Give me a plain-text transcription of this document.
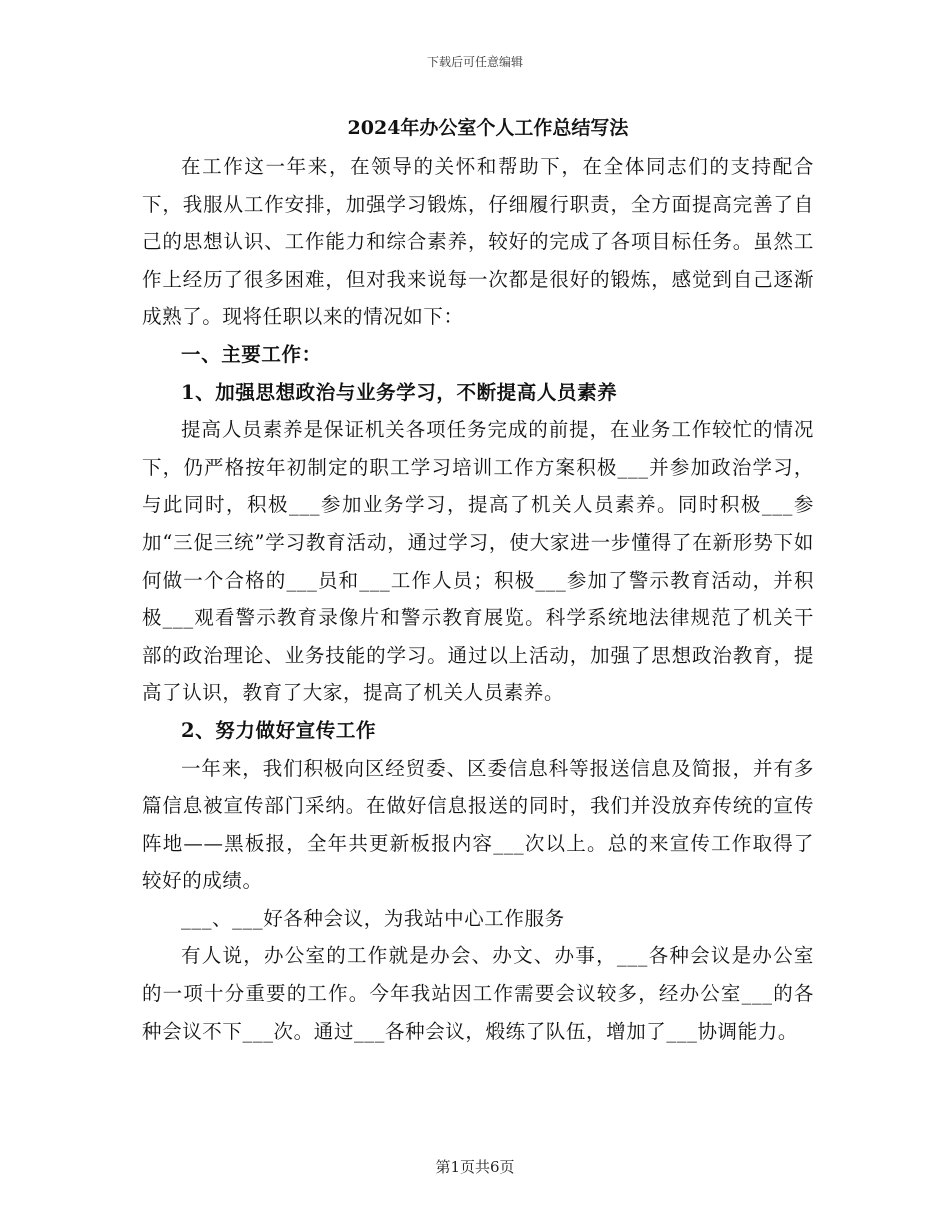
下载后可任意编辑
2024年办公室个人工作总结写法

在工作这一年来，在领导的关怀和帮助下，在全体同志们的支持配合下，我服从工作安排，加强学习锻炼，仔细履行职责，全方面提高完善了自己的思想认识、工作能力和综合素养，较好的完成了各项目标任务。虽然工作上经历了很多困难，但对我来说每一次都是很好的锻炼，感觉到自己逐渐成熟了。现将任职以来的情况如下：

一、主要工作：

1、加强思想政治与业务学习，不断提高人员素养

提高人员素养是保证机关各项任务完成的前提，在业务工作较忙的情况下，仍严格按年初制定的职工学习培训工作方案积极___并参加政治学习，与此同时，积极___参加业务学习，提高了机关人员素养。同时积极___参加“三促三统”学习教育活动，通过学习，使大家进一步懂得了在新形势下如何做一个合格的___员和___工作人员；积极___参加了警示教育活动，并积极___观看警示教育录像片和警示教育展览。科学系统地法律规范了机关干部的政治理论、业务技能的学习。通过以上活动，加强了思想政治教育，提高了认识，教育了大家，提高了机关人员素养。

2、努力做好宣传工作

一年来，我们积极向区经贸委、区委信息科等报送信息及简报，并有多篇信息被宣传部门采纳。在做好信息报送的同时，我们并没放弃传统的宣传阵地——黑板报，全年共更新板报内容___次以上。总的来宣传工作取得了较好的成绩。

___、___好各种会议，为我站中心工作服务

有人说，办公室的工作就是办会、办文、办事，___各种会议是办公室的一项十分重要的工作。今年我站因工作需要会议较多，经办公室___的各种会议不下___次。通过___各种会议，煅练了队伍，增加了___协调能力。

第1页共6页
